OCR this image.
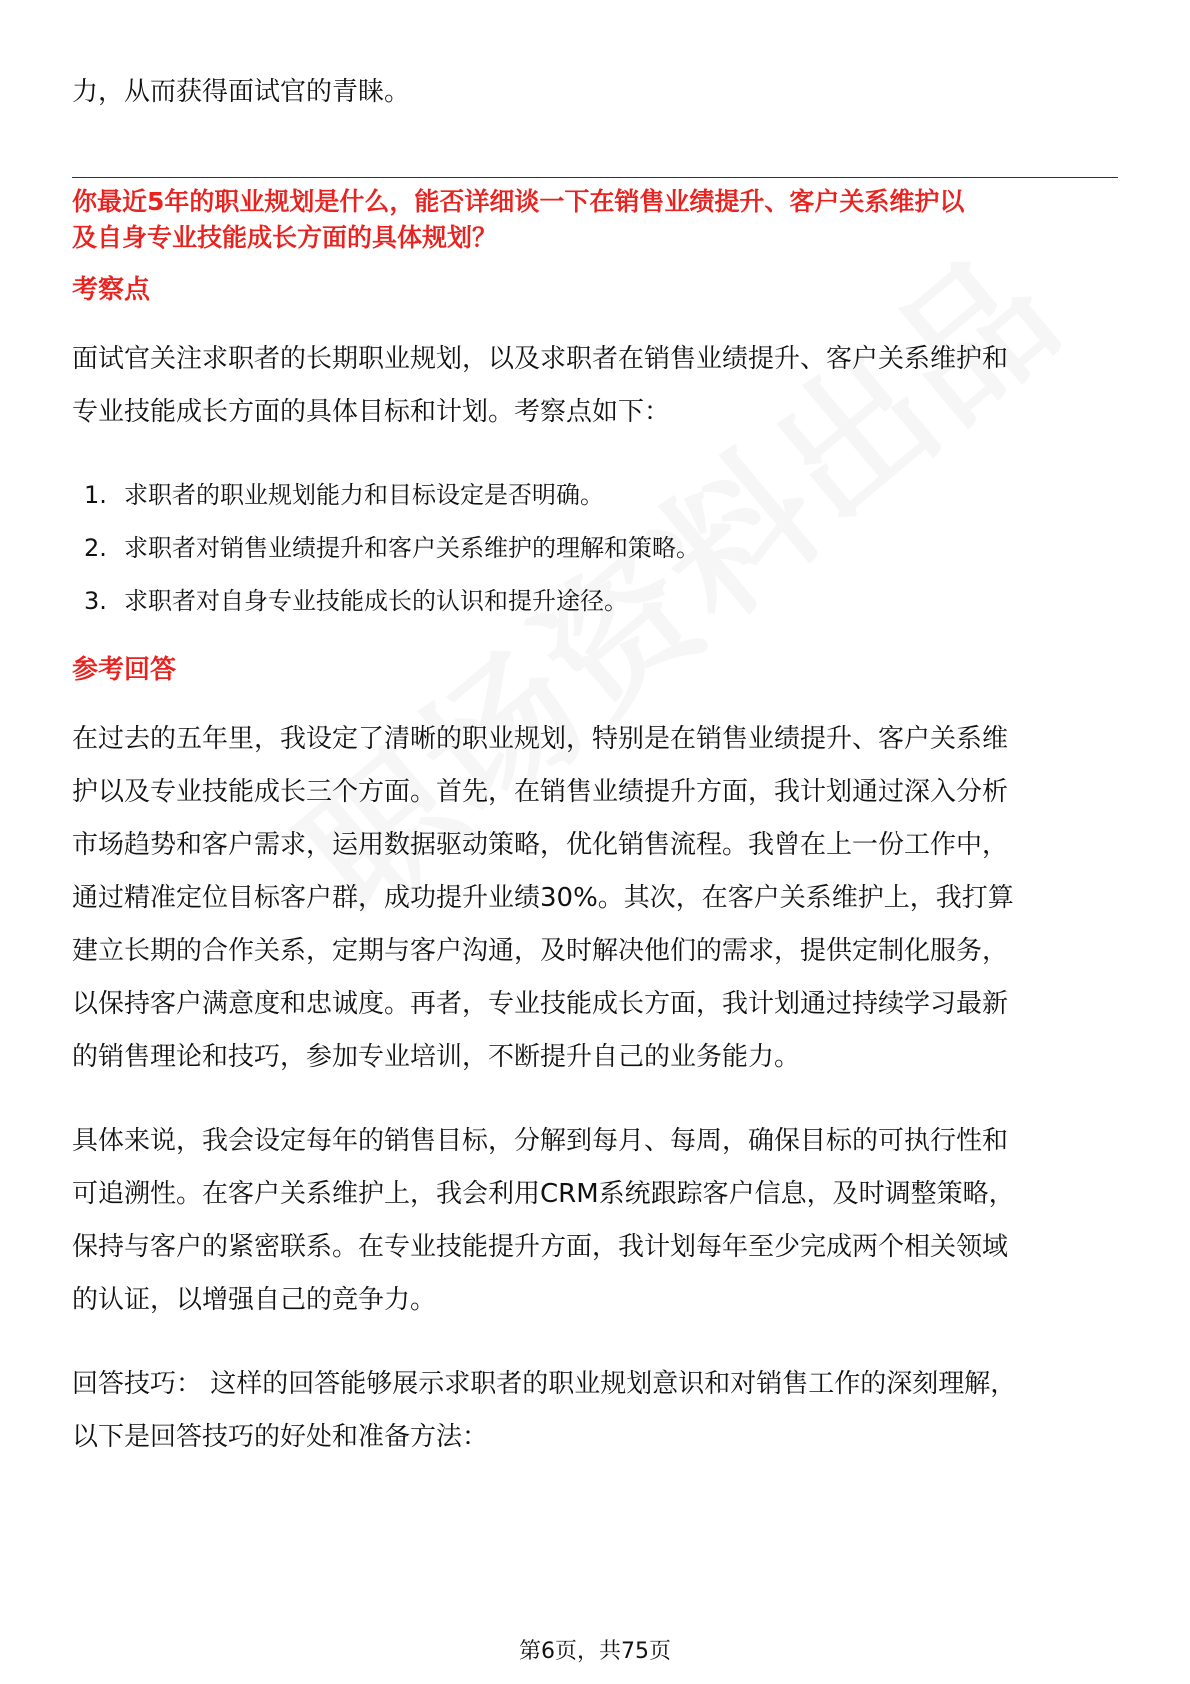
力，从而获得面试官的青睐。
你最近5年的职业规划是什么，能否详细谈一下在销售业绩提升、客户关系维护以
及自身专业技能成长方面的具体规划？
考察点
面试官关注求职者的长期职业规划，以及求职者在销售业绩提升、客户关系维护和
专业技能成长方面的具体目标和计划。考察点如下：
1. 求职者的职业规划能力和目标设定是否明确。
2. 求职者对销售业绩提升和客户关系维护的理解和策略。
3. 求职者对自身专业技能成长的认识和提升途径。
参考回答
在过去的五年里，我设定了清晰的职业规划，特别是在销售业绩提升、客户关系维
护以及专业技能成长三个方面。首先，在销售业绩提升方面，我计划通过深入分析
市场趋势和客户需求，运用数据驱动策略，优化销售流程。我曾在上一份工作中，
通过精准定位目标客户群，成功提升业绩30%。其次，在客户关系维护上，我打算
建立长期的合作关系，定期与客户沟通，及时解决他们的需求，提供定制化服务，
以保持客户满意度和忠诚度。再者，专业技能成长方面，我计划通过持续学习最新
的销售理论和技巧，参加专业培训，不断提升自己的业务能力。
具体来说，我会设定每年的销售目标，分解到每月、每周，确保目标的可执行性和
可追溯性。在客户关系维护上，我会利用CRM系统跟踪客户信息，及时调整策略，
保持与客户的紧密联系。在专业技能提升方面，我计划每年至少完成两个相关领域
的认证，以增强自己的竞争力。
回答技巧： 这样的回答能够展示求职者的职业规划意识和对销售工作的深刻理解，
以下是回答技巧的好处和准备方法：
第6页，共75页
